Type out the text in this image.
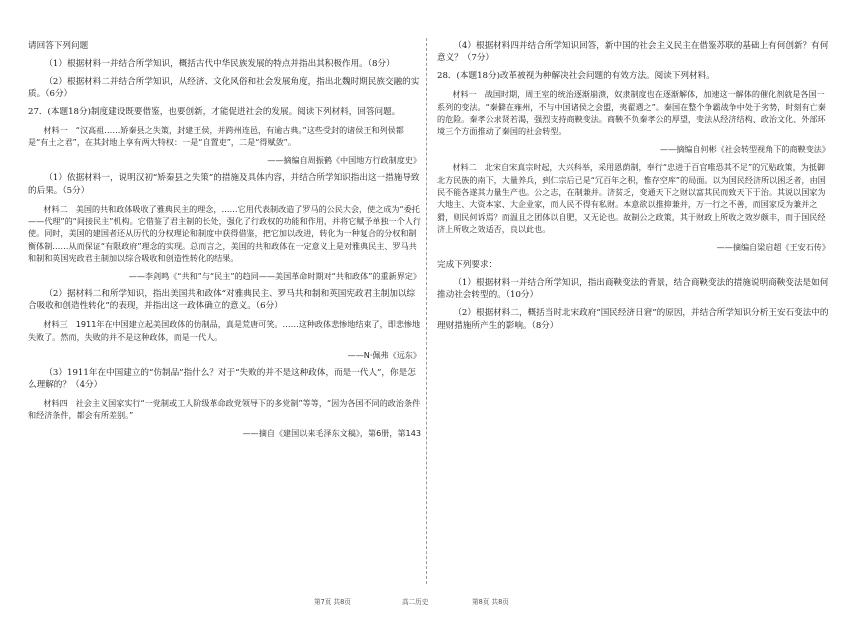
请回答下列问题

（1）根据材料一并结合所学知识，概括古代中华民族发展的特点并指出其积极作用。（8分）

（2）根据材料二并结合所学知识，从经济、文化风俗和社会发展角度，指出北魏时期民族交融的实质。（6分）

27．(本题18分)制度建设既要借鉴，也要创新，才能促进社会的发展。阅读下列材料，回答问题。

材料一　“汉高祖……矫秦县之失策，封建王侯，并跨州连邑，有逾古典。”这些受封的诸侯王和列侯都是“有土之君”，在其封地上享有两大特权：一是“自置吏”，二是“得赋敛”。

——摘编自周振鹤《中国地方行政制度史》

（1）依据材料一，说明汉初“矫秦县之失策”的措施及具体内容，并结合所学知识指出这一措施导致的后果。（5分）

材料二　美国的共和政体吸收了雅典民主的理念，……它用代表制改造了罗马的公民大会，使之成为“委托——代理”的“间接民主”机构。它借鉴了君主制的长处，强化了行政权的功能和作用，并将它赋予单独一个人行使。同时，美国的建国者还从历代的分权理论和制度中获得借鉴，把它加以改进，转化为一种复合的分权和制衡体制……从而保证“有限政府”理念的实现。总而言之，美国的共和政体在一定意义上是对雅典民主、罗马共和制和英国宪政君主制加以综合吸收和创造性转化的结果。

——李剑鸣《“共和”与“民主”的趋同——美国革命时期对“共和政体”的重新界定》

（2）据材料二和所学知识，指出美国共和政体“对雅典民主、罗马共和制和英国宪政君主制加以综合吸收和创造性转化”的表现，并指出这一政体确立的意义。（6分）

材料三　1911年在中国建立起美国政体的仿制品，真是荒唐可笑。……这种政体悲惨地结束了，即悲惨地失败了。然而，失败的并不是这种政体，而是一代人。

——N·佩弗《远东》

（3）1911年在中国建立的“仿制品”指什么？对于“失败的并不是这种政体，而是一代人”，你是怎么理解的？（4分）

材料四　社会主义国家实行“一党制或工人阶级革命政党领导下的多党制”等等，“因为各国不同的政治条件和经济条件，都会有所差别。”

——摘自《建国以来毛泽东文稿》，第6册，第143

（4）根据材料四并结合所学知识回答，新中国的社会主义民主在借鉴苏联的基础上有何创新？有何意义？（7分）

28．(本题18分)改革被视为种解决社会问题的有效方法。阅读下列材料。

材料一　战国时期，周王室的统治逐渐崩溃，奴隶制度也在逐渐解体，加速这一解体的催化剂就是各国一系列的变法。“秦僻在雍州，不与中国诸侯之会盟，夷翟遇之”。秦国在整个争霸战争中处于劣势，时刻有亡秦的危险。秦孝公求贤若渴，强烈支持商鞅变法。商鞅不负秦孝公的厚望，变法从经济结构、政治文化、外部环境三个方面推动了秦国的社会转型。

——摘编自何彬《社会转型视角下的商鞅变法》

材料二　北宋自宋真宗时起，大兴科举，采用恩荫制，奉行“忠进于百官唯恐其不足”的冗贴政策，为抵御北方民族的南下，大量养兵，到仁宗后已是“冗百年之积，惟存空库”的局面。以为国民经济所以困乏者，由国民不能各遂其力量生产也。公之志，在制兼并。济贫乏，变通天下之财以富其民而致天下于治。其说以国家为大地主、大资本家、大企业家，而人民不得有私财。本意欲以推抑兼并，万一行之不善，而国家反为兼并之猾，则民何诉焉？而温且之团体以自肥，又无论也。故制公之政策，其于财政上所收之效岁颇丰，而于国民经济上所收之效适否，良以此也。

——摘编自梁启超《王安石传》

完成下列要求：

（1）根据材料一并结合所学知识，指出商鞅变法的背景，结合商鞅变法的措施说明商鞅变法是如何推动社会转型的。（10分）

（2）根据材料二，概括当时北宋政府“国民经济日窘”的原因，并结合所学知识分析王安石变法中的理财措施所产生的影响。（8分）

第7页 共8页	高二历史	第8页 共8页
